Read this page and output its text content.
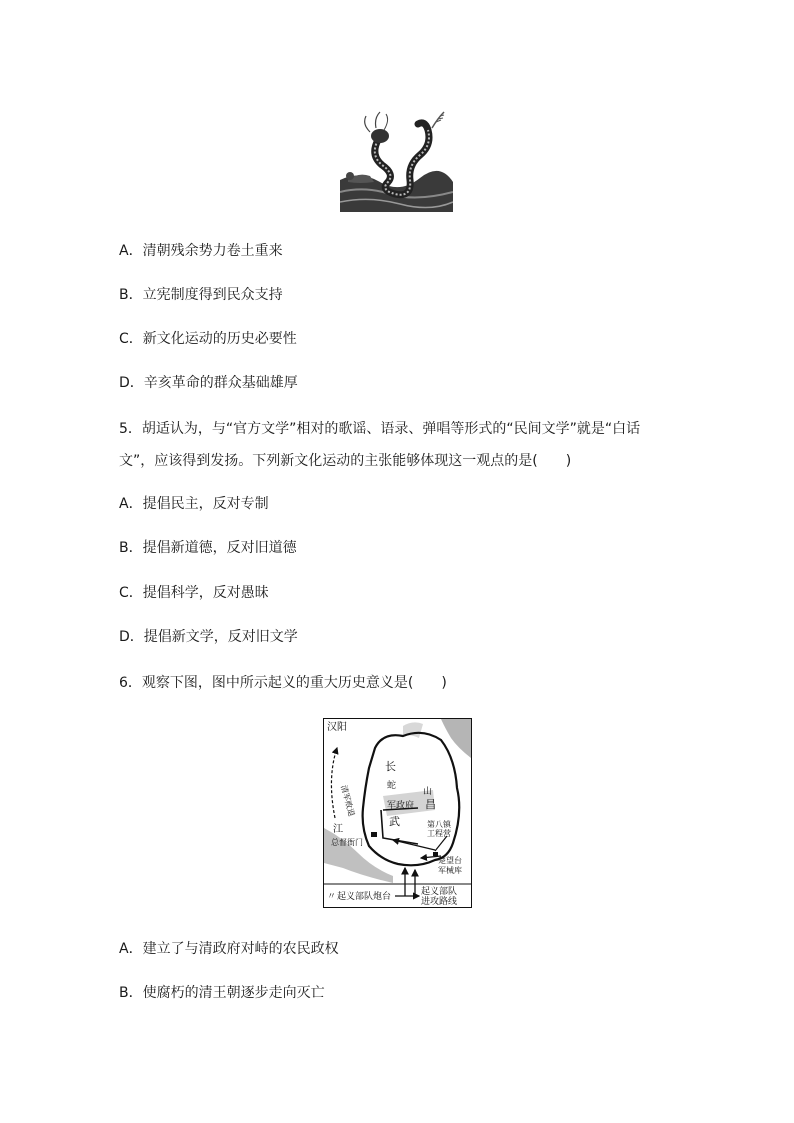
A．清朝残余势力卷土重来
B．立宪制度得到民众支持
C．新文化运动的历史必要性
D．辛亥革命的群众基础雄厚
5．胡适认为，与“官方文学”相对的歌谣、语录、弹唱等形式的“民间文学”就是“白话
文”，应该得到发扬。下列新文化运动的主张能够体现这一观点的是(　　)
A．提倡民主，反对专制
B．提倡新道德，反对旧道德
C．提倡科学，反对愚昧
D．提倡新文学，反对旧文学
6．观察下图，图中所示起义的重大历史意义是(　　)
汉阳
长
清军败退	蛇
山
军政府
武
昌
江
总督衙门
第八镇
工程营
楚望台
军械库
〃 起义部队炮台	起义部队
进攻路线
A．建立了与清政府对峙的农民政权
B．使腐朽的清王朝逐步走向灭亡
